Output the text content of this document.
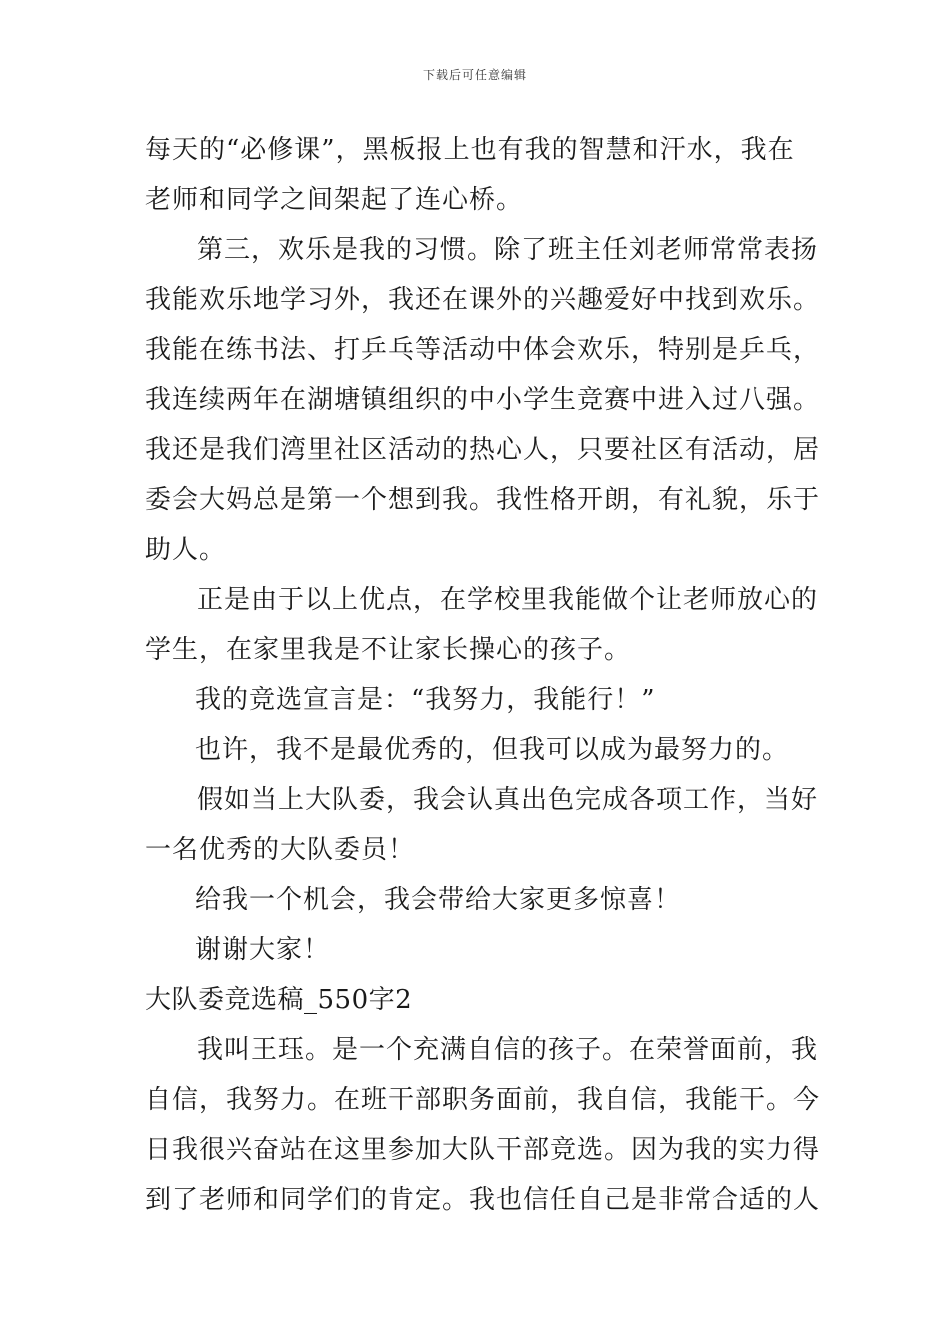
下载后可任意编辑
每天的“必修课”，黑板报上也有我的智慧和汗水，我在
老师和同学之间架起了连心桥。
第三，欢乐是我的习惯。除了班主任刘老师常常表扬
我能欢乐地学习外，我还在课外的兴趣爱好中找到欢乐。
我能在练书法、打乒乓等活动中体会欢乐，特别是乒乓，
我连续两年在湖塘镇组织的中小学生竞赛中进入过八强。
我还是我们湾里社区活动的热心人，只要社区有活动，居
委会大妈总是第一个想到我。我性格开朗，有礼貌，乐于
助人。
正是由于以上优点，在学校里我能做个让老师放心的
学生，在家里我是不让家长操心的孩子。
我的竞选宣言是：“我努力，我能行！”
也许，我不是最优秀的，但我可以成为最努力的。
假如当上大队委，我会认真出色完成各项工作，当好
一名优秀的大队委员！
给我一个机会，我会带给大家更多惊喜！
谢谢大家！
大队委竞选稿_550字2
我叫王珏。是一个充满自信的孩子。在荣誉面前，我
自信，我努力。在班干部职务面前，我自信，我能干。今
日我很兴奋站在这里参加大队干部竞选。因为我的实力得
到了老师和同学们的肯定。我也信任自己是非常合适的人
